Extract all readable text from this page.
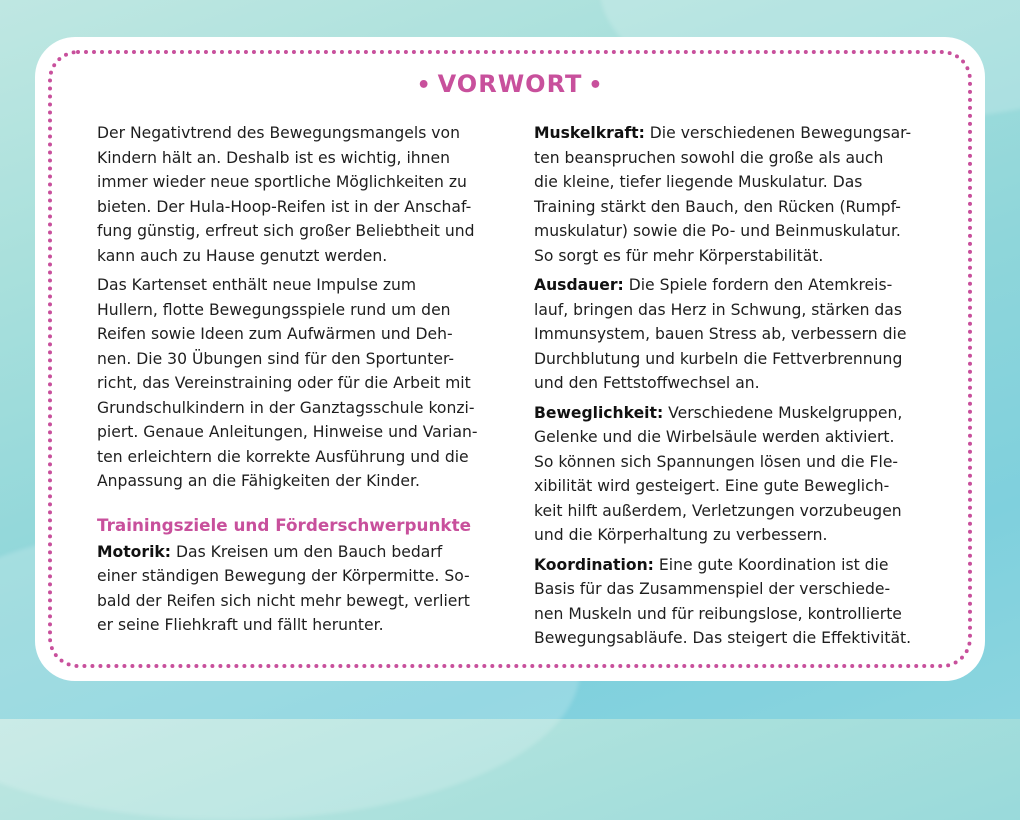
• VORWORT •

Der Negativtrend des Bewegungsmangels von
Kindern hält an. Deshalb ist es wichtig, ihnen
immer wieder neue sportliche Möglichkeiten zu
bieten. Der Hula-Hoop-Reifen ist in der Anschaf-
fung günstig, erfreut sich großer Beliebtheit und
kann auch zu Hause genutzt werden.

Das Kartenset enthält neue Impulse zum
Hullern, flotte Bewegungsspiele rund um den
Reifen sowie Ideen zum Aufwärmen und Deh-
nen. Die 30 Übungen sind für den Sportunter-
richt, das Vereinstraining oder für die Arbeit mit
Grundschulkindern in der Ganztagsschule konzi-
piert. Genaue Anleitungen, Hinweise und Varian-
ten erleichtern die korrekte Ausführung und die
Anpassung an die Fähigkeiten der Kinder.

Trainingsziele und Förderschwerpunkte

Motorik: Das Kreisen um den Bauch bedarf
einer ständigen Bewegung der Körpermitte. So-
bald der Reifen sich nicht mehr bewegt, verliert
er seine Fliehkraft und fällt herunter.

Muskelkraft: Die verschiedenen Bewegungsar-
ten beanspruchen sowohl die große als auch
die kleine, tiefer liegende Muskulatur. Das
Training stärkt den Bauch, den Rücken (Rumpf-
muskulatur) sowie die Po- und Beinmuskulatur.
So sorgt es für mehr Körperstabilität.

Ausdauer: Die Spiele fordern den Atemkreis-
lauf, bringen das Herz in Schwung, stärken das
Immunsystem, bauen Stress ab, verbessern die
Durchblutung und kurbeln die Fettverbrennung
und den Fettstoffwechsel an.

Beweglichkeit: Verschiedene Muskelgruppen,
Gelenke und die Wirbelsäule werden aktiviert.
So können sich Spannungen lösen und die Fle-
xibilität wird gesteigert. Eine gute Beweglich-
keit hilft außerdem, Verletzungen vorzubeugen
und die Körperhaltung zu verbessern.

Koordination: Eine gute Koordination ist die
Basis für das Zusammenspiel der verschiede-
nen Muskeln und für reibungslose, kontrollierte
Bewegungsabläufe. Das steigert die Effektivität.
